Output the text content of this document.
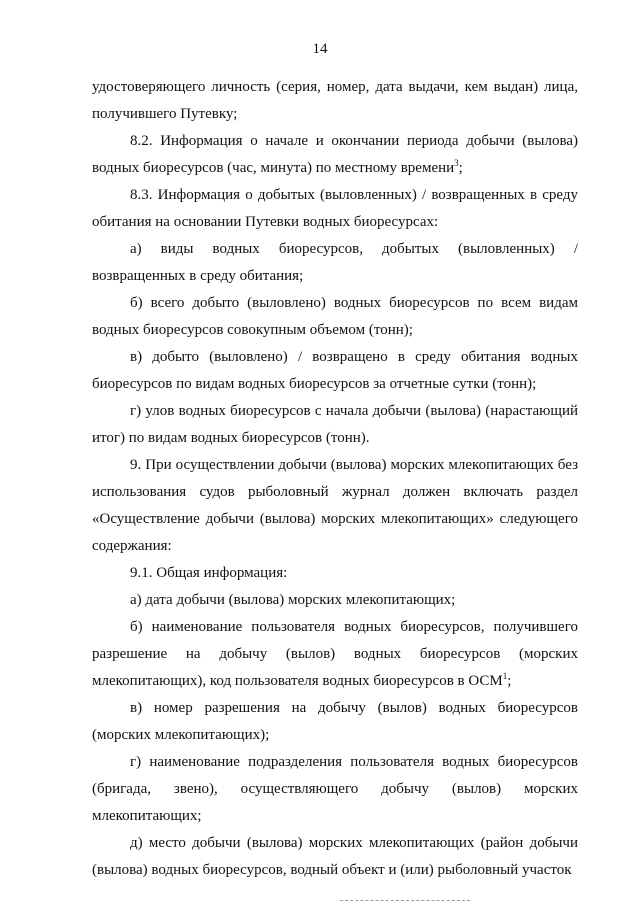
14

удостоверяющего личность (серия, номер, дата выдачи, кем выдан) лица, получившего Путевку;

8.2. Информация о начале и окончании периода добычи (вылова) водных биоресурсов (час, минута) по местному времени$^3$;

8.3. Информация о добытых (выловленных) / возвращенных в среду обитания на основании Путевки водных биоресурсах:

а) виды водных биоресурсов, добытых (выловленных) / возвращенных в среду обитания;

б) всего добыто (выловлено) водных биоресурсов по всем видам водных биоресурсов совокупным объемом (тонн);

в) добыто (выловлено) / возвращено в среду обитания водных биоресурсов по видам водных биоресурсов за отчетные сутки (тонн);

г) улов водных биоресурсов с начала добычи (вылова) (нарастающий итог) по видам водных биоресурсов (тонн).

9. При осуществлении добычи (вылова) морских млекопитающих без использования судов рыболовный журнал должен включать раздел «Осуществление добычи (вылова) морских млекопитающих» следующего содержания:

9.1. Общая информация:

а) дата добычи (вылова) морских млекопитающих;

б) наименование пользователя водных биоресурсов, получившего разрешение на добычу (вылов) водных биоресурсов (морских млекопитающих), код пользователя водных биоресурсов в ОСМ$^1$;

в) номер разрешения на добычу (вылов) водных биоресурсов (морских млекопитающих);

г) наименование подразделения пользователя водных биоресурсов (бригада, звено), осуществляющего добычу (вылов) морских млекопитающих;

д) место добычи (вылова) морских млекопитающих (район добычи (вылова) водных биоресурсов, водный объект и (или) рыболовный участок
